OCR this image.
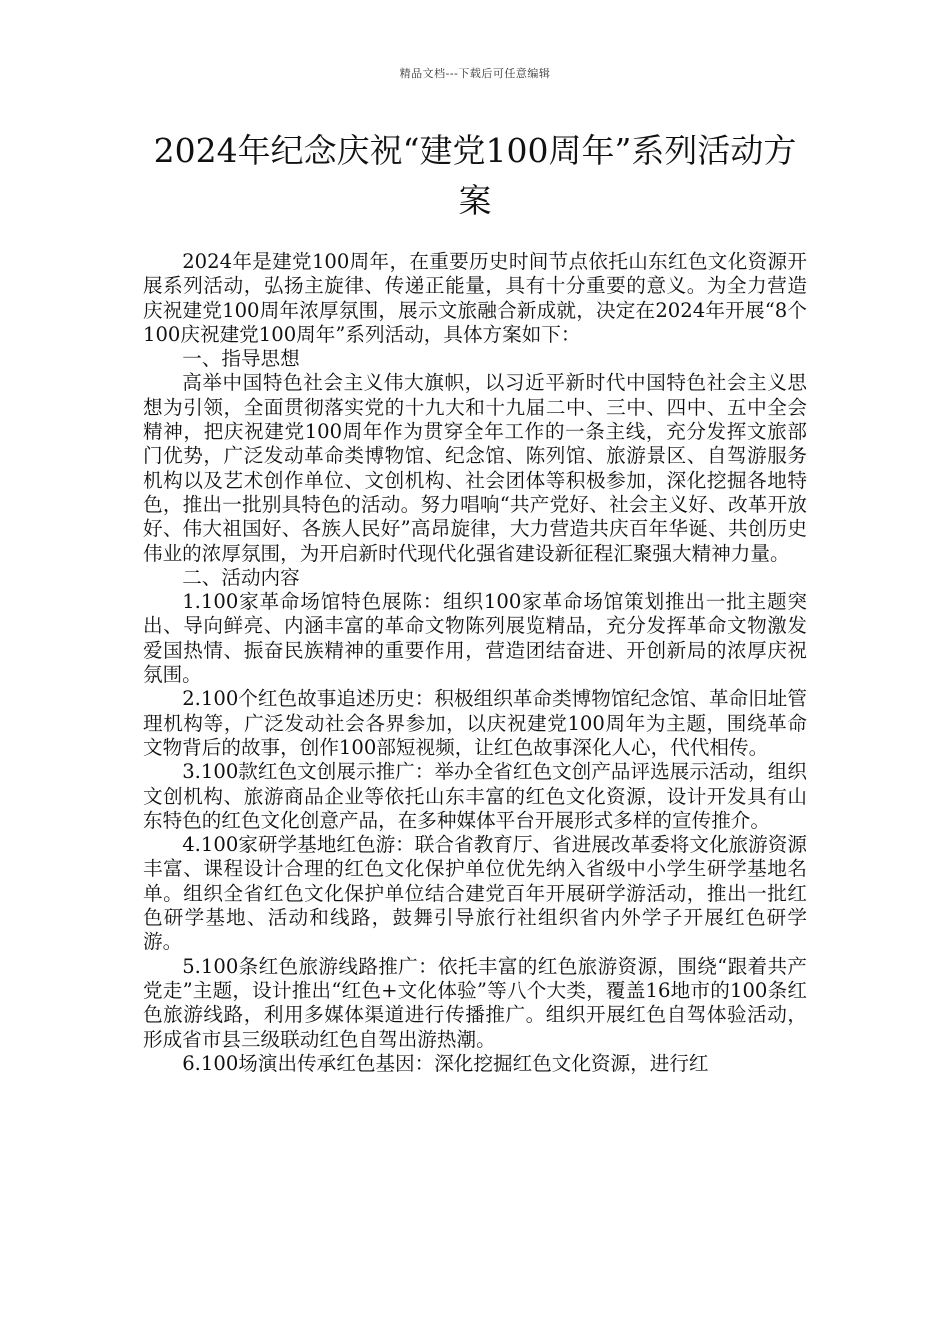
精品文档---下载后可任意编辑
2024年纪念庆祝“建党100周年”系列活动方案

2024年是建党100周年，在重要历史时间节点依托山东红色文化资源开展系列活动，弘扬主旋律、传递正能量，具有十分重要的意义。为全力营造庆祝建党100周年浓厚氛围，展示文旅融合新成就，决定在2024年开展“8个100庆祝建党100周年”系列活动，具体方案如下：

一、指导思想

高举中国特色社会主义伟大旗帜，以习近平新时代中国特色社会主义思想为引领，全面贯彻落实党的十九大和十九届二中、三中、四中、五中全会精神，把庆祝建党100周年作为贯穿全年工作的一条主线，充分发挥文旅部门优势，广泛发动革命类博物馆、纪念馆、陈列馆、旅游景区、自驾游服务机构以及艺术创作单位、文创机构、社会团体等积极参加，深化挖掘各地特色，推出一批别具特色的活动。努力唱响“共产党好、社会主义好、改革开放好、伟大祖国好、各族人民好”高昂旋律，大力营造共庆百年华诞、共创历史伟业的浓厚氛围，为开启新时代现代化强省建设新征程汇聚强大精神力量。

二、活动内容

1.100家革命场馆特色展陈：组织100家革命场馆策划推出一批主题突出、导向鲜亮、内涵丰富的革命文物陈列展览精品，充分发挥革命文物激发爱国热情、振奋民族精神的重要作用，营造团结奋进、开创新局的浓厚庆祝氛围。

2.100个红色故事追述历史：积极组织革命类博物馆纪念馆、革命旧址管理机构等，广泛发动社会各界参加，以庆祝建党100周年为主题，围绕革命文物背后的故事，创作100部短视频，让红色故事深化人心，代代相传。

3.100款红色文创展示推广：举办全省红色文创产品评选展示活动，组织文创机构、旅游商品企业等依托山东丰富的红色文化资源，设计开发具有山东特色的红色文化创意产品，在多种媒体平台开展形式多样的宣传推介。

4.100家研学基地红色游：联合省教育厅、省进展改革委将文化旅游资源丰富、课程设计合理的红色文化保护单位优先纳入省级中小学生研学基地名单。组织全省红色文化保护单位结合建党百年开展研学游活动，推出一批红色研学基地、活动和线路，鼓舞引导旅行社组织省内外学子开展红色研学游。

5.100条红色旅游线路推广：依托丰富的红色旅游资源，围绕“跟着共产党走”主题，设计推出“红色+文化体验”等八个大类，覆盖16地市的100条红色旅游线路，利用多媒体渠道进行传播推广。组织开展红色自驾体验活动，形成省市县三级联动红色自驾出游热潮。

6.100场演出传承红色基因：深化挖掘红色文化资源，进行红
